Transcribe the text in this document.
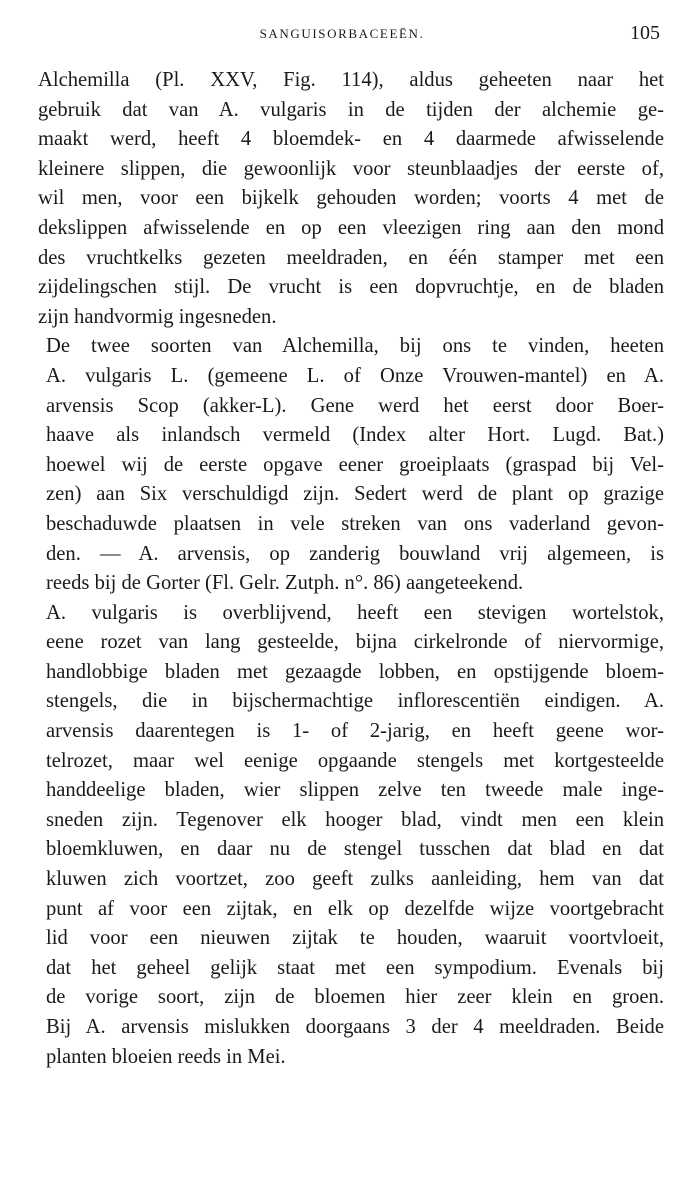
SANGUISORBACEEËN.	105

Alchemilla (Pl. XXV, Fig. 114), aldus geheeten naar het
gebruik dat van A. vulgaris in de tijden der alchemie ge-
maakt werd, heeft 4 bloemdek- en 4 daarmede afwisselende
kleinere slippen, die gewoonlijk voor steunblaadjes der eerste of,
wil men, voor een bijkelk gehouden worden; voorts 4 met de
dekslippen afwisselende en op een vleezigen ring aan den mond
des vruchtkelks gezeten meeldraden, en één stamper met een
zijdelingschen stijl. De vrucht is een dopvruchtje, en de bladen
zijn handvormig ingesneden.

De twee soorten van Alchemilla, bij ons te vinden, heeten
A. vulgaris L. (gemeene L. of Onze Vrouwen-mantel) en A.
arvensis Scop (akker-L). Gene werd het eerst door Boer-
haave als inlandsch vermeld (Index alter Hort. Lugd. Bat.)
hoewel wij de eerste opgave eener groeiplaats (graspad bij Vel-
zen) aan Six verschuldigd zijn. Sedert werd de plant op grazige
beschaduwde plaatsen in vele streken van ons vaderland gevon-
den. — A. arvensis, op zanderig bouwland vrij algemeen, is
reeds bij de Gorter (Fl. Gelr. Zutph. n°. 86) aangeteekend.

A. vulgaris is overblijvend, heeft een stevigen wortelstok,
eene rozet van lang gesteelde, bijna cirkelronde of niervormige,
handlobbige bladen met gezaagde lobben, en opstijgende bloem-
stengels, die in bijschermachtige inflorescentiën eindigen. A.
arvensis daarentegen is 1- of 2-jarig, en heeft geene wor-
telrozet, maar wel eenige opgaande stengels met kortgesteelde
handdeelige bladen, wier slippen zelve ten tweede male inge-
sneden zijn. Tegenover elk hooger blad, vindt men een klein
bloemkluwen, en daar nu de stengel tusschen dat blad en dat
kluwen zich voortzet, zoo geeft zulks aanleiding, hem van dat
punt af voor een zijtak, en elk op dezelfde wijze voortgebracht
lid voor een nieuwen zijtak te houden, waaruit voortvloeit,
dat het geheel gelijk staat met een sympodium. Evenals bij
de vorige soort, zijn de bloemen hier zeer klein en groen.
Bij A. arvensis mislukken doorgaans 3 der 4 meeldraden. Beide
planten bloeien reeds in Mei.
